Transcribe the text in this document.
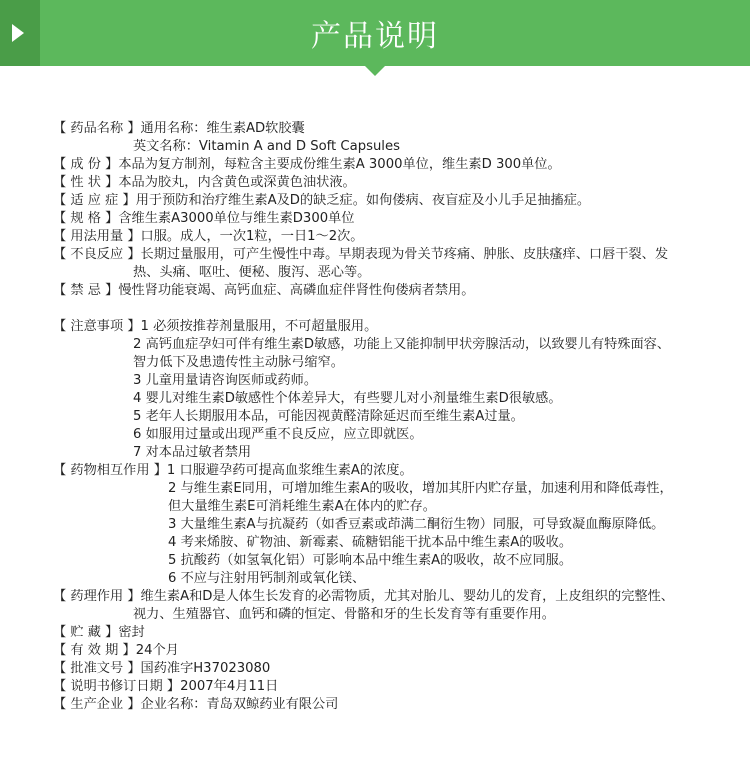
产品说明
【 药品名称 】通用名称：维生素AD软胶囊
英文名称：Vitamin A and D Soft Capsules
【 成 份 】本品为复方制剂，每粒含主要成份维生素A 3000单位，维生素D 300单位。
【 性 状 】本品为胶丸，内含黄色或深黄色油状液。
【 适 应 症 】用于预防和治疗维生素A及D的缺乏症。如佝偻病、夜盲症及小儿手足抽搐症。
【 规 格 】含维生素A3000单位与维生素D300单位
【 用法用量 】口服。成人，一次1粒，一日1～2次。
【 不良反应 】长期过量服用，可产生慢性中毒。早期表现为骨关节疼痛、肿胀、皮肤瘙痒、口唇干裂、发
热、头痛、呕吐、便秘、腹泻、恶心等。
【 禁 忌 】慢性肾功能衰竭、高钙血症、高磷血症伴肾性佝偻病者禁用。
【 注意事项 】1 必须按推荐剂量服用，不可超量服用。
2 高钙血症孕妇可伴有维生素D敏感，功能上又能抑制甲状旁腺活动，以致婴儿有特殊面容、
智力低下及患遗传性主动脉弓缩窄。
3 儿童用量请咨询医师或药师。
4 婴儿对维生素D敏感性个体差异大，有些婴儿对小剂量维生素D很敏感。
5 老年人长期服用本品，可能因视黄醛清除延迟而至维生素A过量。
6 如服用过量或出现严重不良反应，应立即就医。
7 对本品过敏者禁用
【 药物相互作用 】1 口服避孕药可提高血浆维生素A的浓度。
2 与维生素E同用，可增加维生素A的吸收，增加其肝内贮存量，加速利用和降低毒性，
但大量维生素E可消耗维生素A在体内的贮存。
3 大量维生素A与抗凝药（如香豆素或茚满二酮衍生物）同服，可导致凝血酶原降低。
4 考来烯胺、矿物油、新霉素、硫糖铝能干扰本品中维生素A的吸收。
5 抗酸药（如氢氧化铝）可影响本品中维生素A的吸收，故不应同服。
6 不应与注射用钙制剂或氧化镁、
【 药理作用 】维生素A和D是人体生长发育的必需物质，尤其对胎儿、婴幼儿的发育，上皮组织的完整性、
视力、生殖器官、血钙和磷的恒定、骨骼和牙的生长发育等有重要作用。
【 贮 藏 】密封
【 有 效 期 】24个月
【 批准文号 】国药准字H37023080
【 说明书修订日期 】2007年4月11日
【 生产企业 】企业名称：青岛双鲸药业有限公司
